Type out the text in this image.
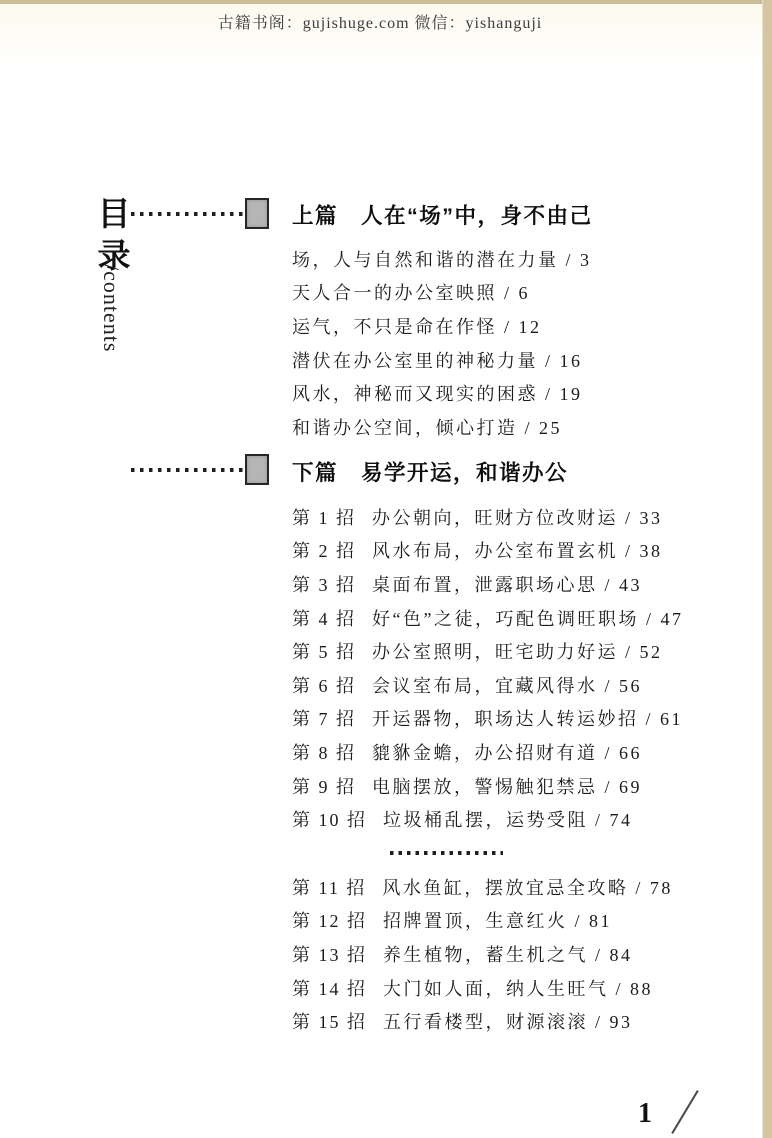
古籍书阁：gujishuge.com 微信：yishanguji
目
录
/contents
上篇　人在“场”中，身不由己
场，人与自然和谐的潜在力量 / 3
天人合一的办公室映照 / 6
运气，不只是命在作怪 / 12
潜伏在办公室里的神秘力量 / 16
风水，神秘而又现实的困惑 / 19
和谐办公空间，倾心打造 / 25
下篇　易学开运，和谐办公
第 1 招 办公朝向，旺财方位改财运 / 33
第 2 招 风水布局，办公室布置玄机 / 38
第 3 招 桌面布置，泄露职场心思 / 43
第 4 招 好“色”之徒，巧配色调旺职场 / 47
第 5 招 办公室照明，旺宅助力好运 / 52
第 6 招 会议室布局，宜藏风得水 / 56
第 7 招 开运器物，职场达人转运妙招 / 61
第 8 招 貔貅金蟾，办公招财有道 / 66
第 9 招 电脑摆放，警惕触犯禁忌 / 69
第 10 招 垃圾桶乱摆，运势受阻 / 74
第 11 招 风水鱼缸，摆放宜忌全攻略 / 78
第 12 招 招牌置顶，生意红火 / 81
第 13 招 养生植物，蓄生机之气 / 84
第 14 招 大门如人面，纳人生旺气 / 88
第 15 招 五行看楼型，财源滚滚 / 93
1
